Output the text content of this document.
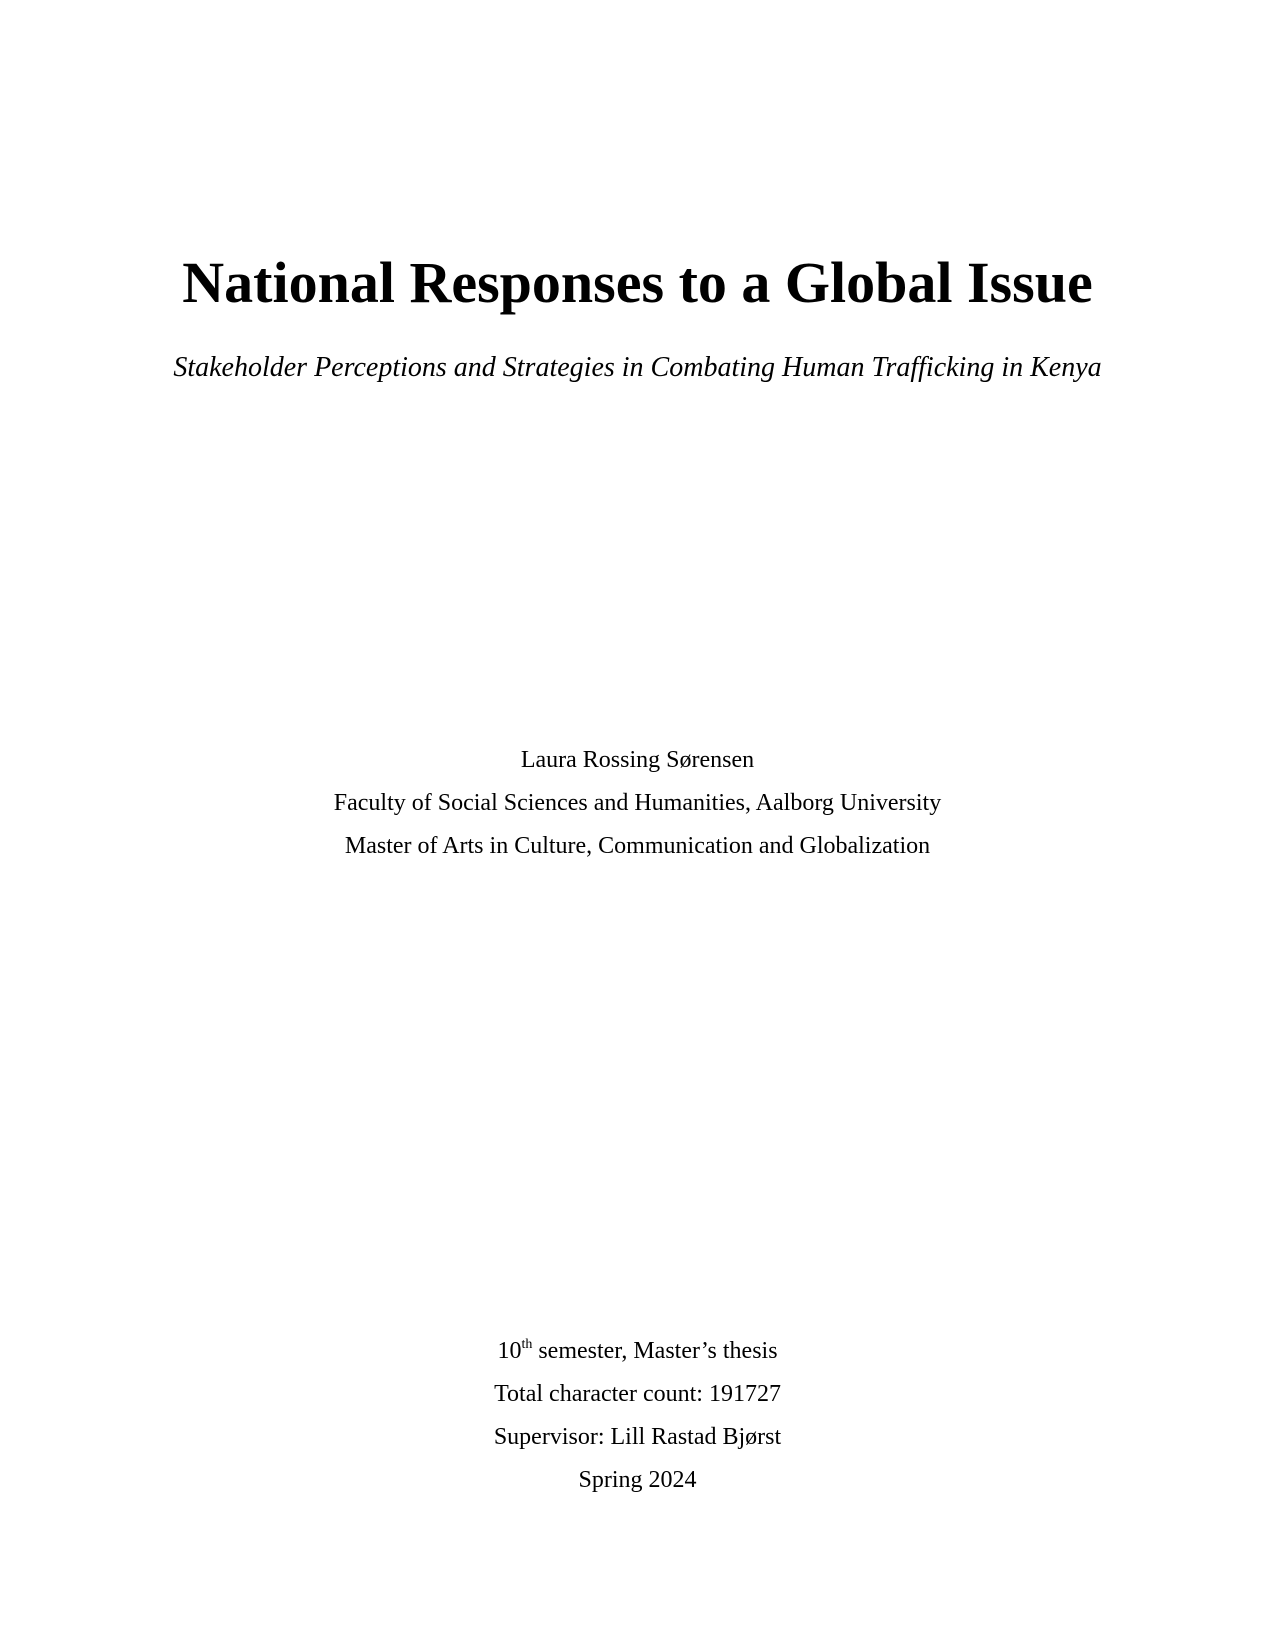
National Responses to a Global Issue
Stakeholder Perceptions and Strategies in Combating Human Trafficking in Kenya
Laura Rossing Sørensen
Faculty of Social Sciences and Humanities, Aalborg University
Master of Arts in Culture, Communication and Globalization
10th semester, Master’s thesis
Total character count: 191727
Supervisor: Lill Rastad Bjørst
Spring 2024
